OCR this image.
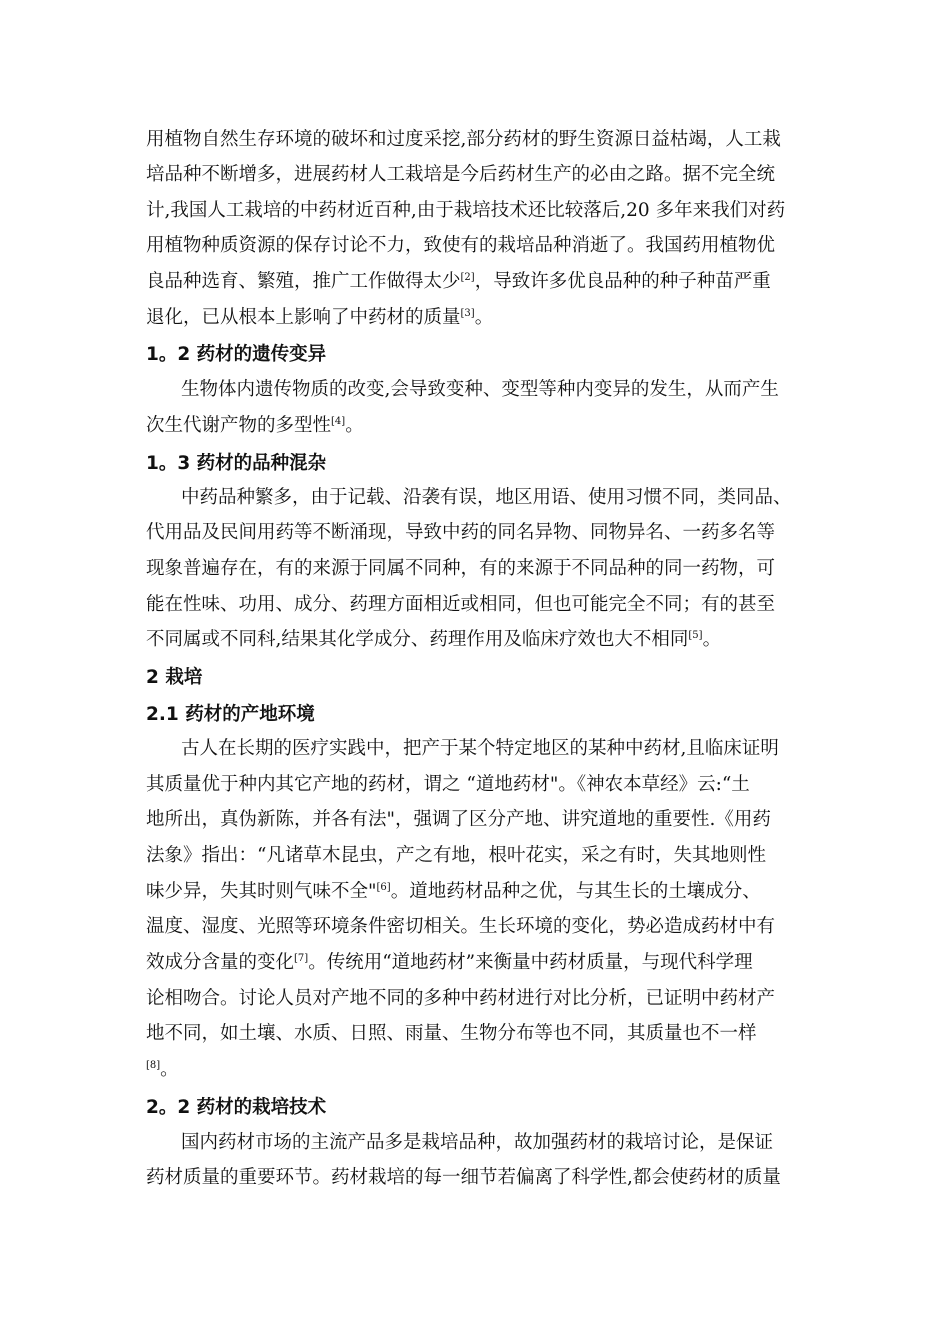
用植物自然生存环境的破坏和过度采挖,部分药材的野生资源日益枯竭，人工栽
培品种不断增多，进展药材人工栽培是今后药材生产的必由之路。据不完全统
计,我国人工栽培的中药材近百种,由于栽培技术还比较落后,20 多年来我们对药
用植物种质资源的保存讨论不力，致使有的栽培品种消逝了。我国药用植物优
良品种选育、繁殖，推广工作做得太少[2]，导致许多优良品种的种子种苗严重
退化，已从根本上影响了中药材的质量[3]。
1。2 药材的遗传变异
生物体内遗传物质的改变,会导致变种、变型等种内变异的发生，从而产生
次生代谢产物的多型性[4]。
1。3 药材的品种混杂
中药品种繁多，由于记载、沿袭有误，地区用语、使用习惯不同，类同品、
代用品及民间用药等不断涌现，导致中药的同名异物、同物异名、一药多名等
现象普遍存在，有的来源于同属不同种，有的来源于不同品种的同一药物，可
能在性味、功用、成分、药理方面相近或相同，但也可能完全不同；有的甚至
不同属或不同科,结果其化学成分、药理作用及临床疗效也大不相同[5]。
2 栽培
2.1 药材的产地环境
古人在长期的医疗实践中，把产于某个特定地区的某种中药材,且临床证明
其质量优于种内其它产地的药材，谓之 “道地药材"。《神农本草经》云:“土
地所出，真伪新陈，并各有法"，强调了区分产地、讲究道地的重要性.《用药
法象》指出：“凡诸草木昆虫，产之有地，根叶花实，采之有时，失其地则性
味少异，失其时则气味不全"[6]。道地药材品种之优，与其生长的土壤成分、
温度、湿度、光照等环境条件密切相关。生长环境的变化，势必造成药材中有
效成分含量的变化[7]。传统用“道地药材”来衡量中药材质量，与现代科学理
论相吻合。讨论人员对产地不同的多种中药材进行对比分析，已证明中药材产
地不同，如土壤、水质、日照、雨量、生物分布等也不同，其质量也不一样
[8]。
2。2 药材的栽培技术
国内药材市场的主流产品多是栽培品种，故加强药材的栽培讨论，是保证
药材质量的重要环节。药材栽培的每一细节若偏离了科学性,都会使药材的质量
